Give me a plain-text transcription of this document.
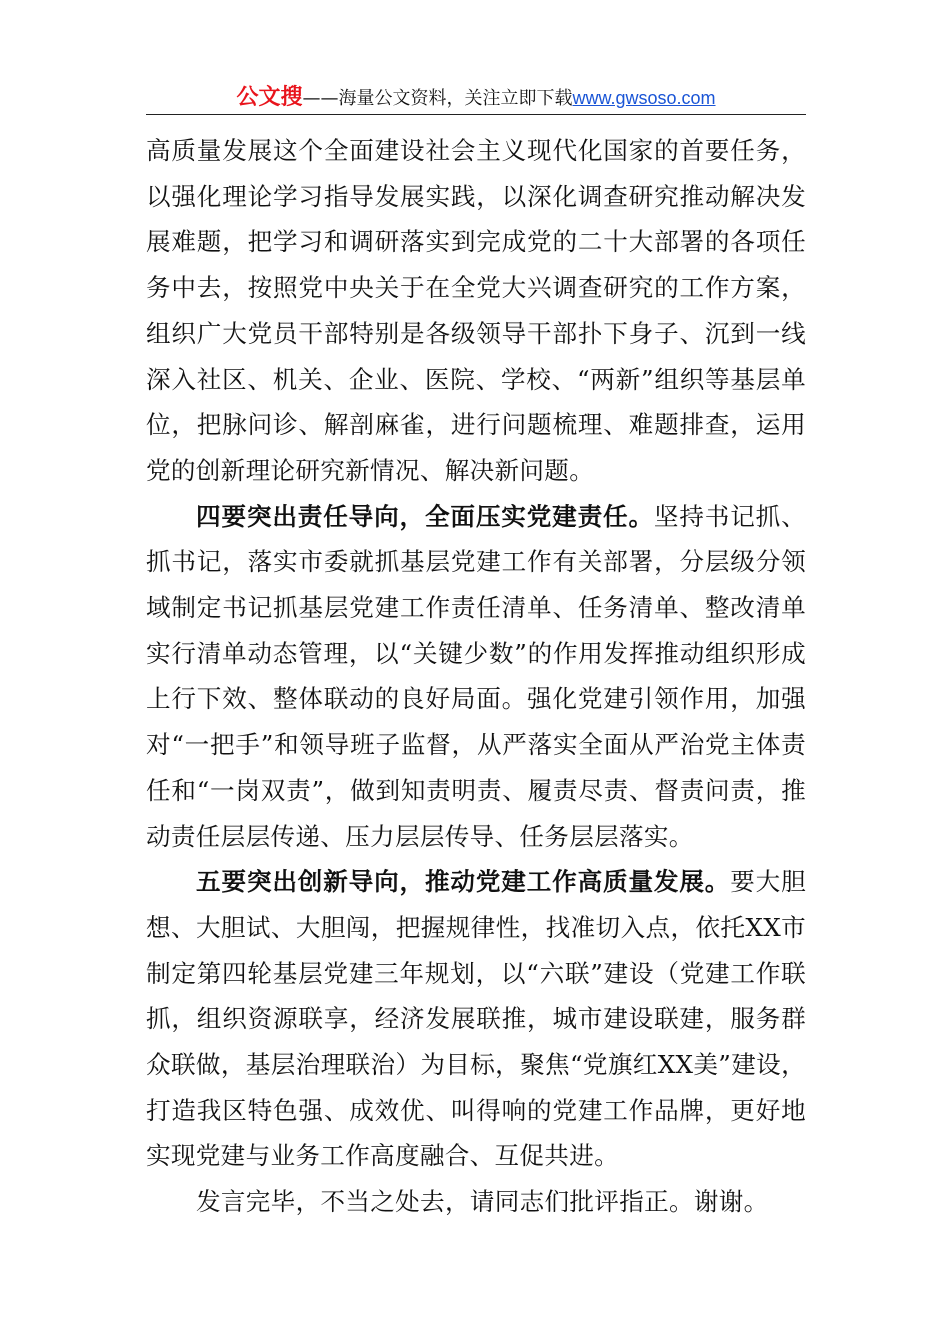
公文搜——海量公文资料，关注立即下载www.gwsoso.com

高质量发展这个全面建设社会主义现代化国家的首要任务，以强化理论学习指导发展实践，以深化调查研究推动解决发展难题，把学习和调研落实到完成党的二十大部署的各项任务中去，按照党中央关于在全党大兴调查研究的工作方案，组织广大党员干部特别是各级领导干部扑下身子、沉到一线深入社区、机关、企业、医院、学校、“两新”组织等基层单位，把脉问诊、解剖麻雀，进行问题梳理、难题排查，运用党的创新理论研究新情况、解决新问题。

四要突出责任导向，全面压实党建责任。坚持书记抓、抓书记，落实市委就抓基层党建工作有关部署，分层级分领域制定书记抓基层党建工作责任清单、任务清单、整改清单实行清单动态管理，以“关键少数”的作用发挥推动组织形成上行下效、整体联动的良好局面。强化党建引领作用，加强对“一把手”和领导班子监督，从严落实全面从严治党主体责任和“一岗双责”，做到知责明责、履责尽责、督责问责，推动责任层层传递、压力层层传导、任务层层落实。

五要突出创新导向，推动党建工作高质量发展。要大胆想、大胆试、大胆闯，把握规律性，找准切入点，依托XX市制定第四轮基层党建三年规划，以“六联”建设（党建工作联抓，组织资源联享，经济发展联推，城市建设联建，服务群众联做，基层治理联治）为目标，聚焦“党旗红XX美”建设，打造我区特色强、成效优、叫得响的党建工作品牌，更好地实现党建与业务工作高度融合、互促共进。

发言完毕，不当之处去，请同志们批评指正。谢谢。
